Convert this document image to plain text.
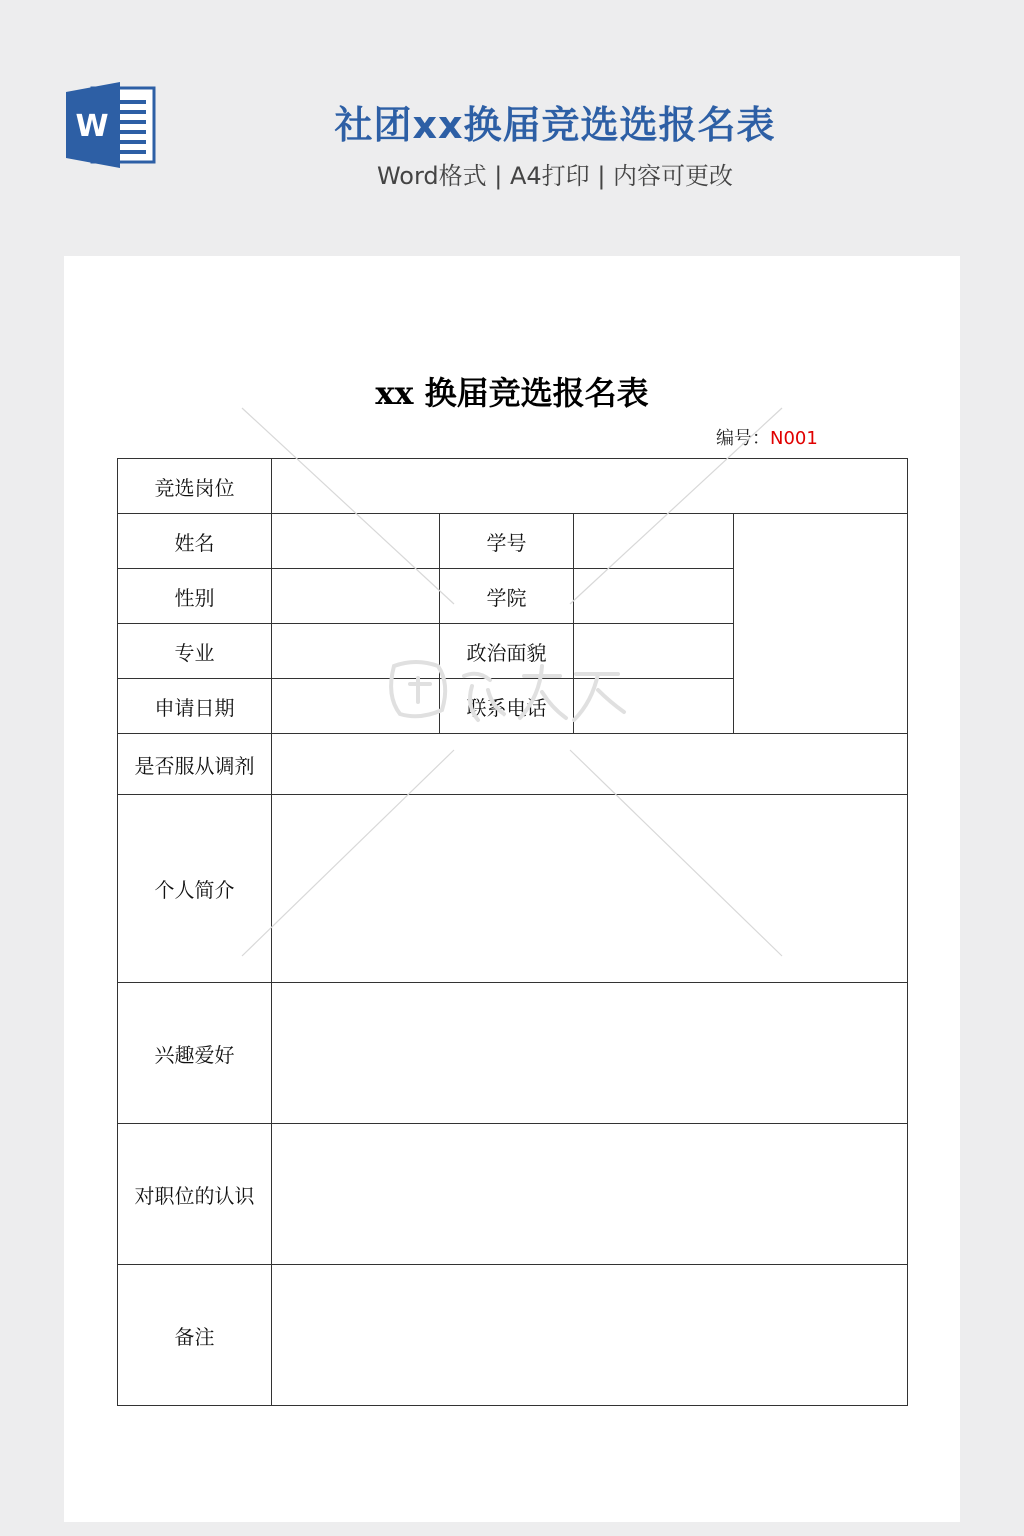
W	社团xx换届竞选选报名表
Word格式 | A4打印 | 内容可更改
xx 换届竞选报名表
编号：N001
竞选岗位				
姓名		学号		
性别		学院		
专业		政治面貌		
申请日期		联系电话		
是否服从调剂				
个人简介				
兴趣爱好				
对职位的认识				
备注				
